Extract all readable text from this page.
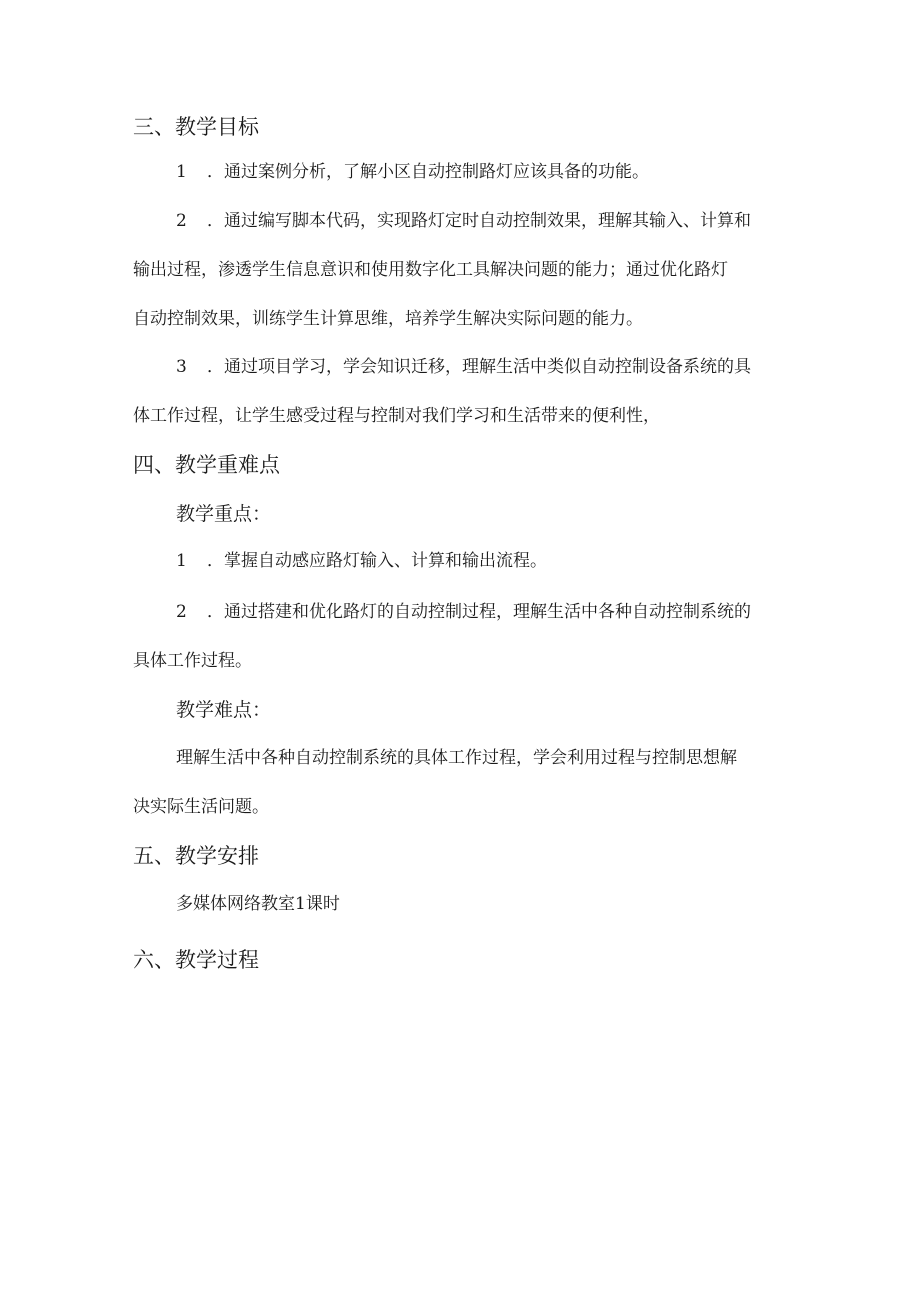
三、教学目标
1 ．通过案例分析，了解小区自动控制路灯应该具备的功能。
2 ．通过编写脚本代码，实现路灯定时自动控制效果，理解其输入、计算和
输出过程，渗透学生信息意识和使用数字化工具解决问题的能力；通过优化路灯
自动控制效果，训练学生计算思维，培养学生解决实际问题的能力。
3 ．通过项目学习，学会知识迁移，理解生活中类似自动控制设备系统的具
体工作过程，让学生感受过程与控制对我们学习和生活带来的便利性，
四、教学重难点
教学重点：
1 ．掌握自动感应路灯输入、计算和输出流程。
2 ．通过搭建和优化路灯的自动控制过程，理解生活中各种自动控制系统的
具体工作过程。
教学难点：
理解生活中各种自动控制系统的具体工作过程，学会利用过程与控制思想解
决实际生活问题。
五、教学安排
多媒体网络教室1课时
六、教学过程
